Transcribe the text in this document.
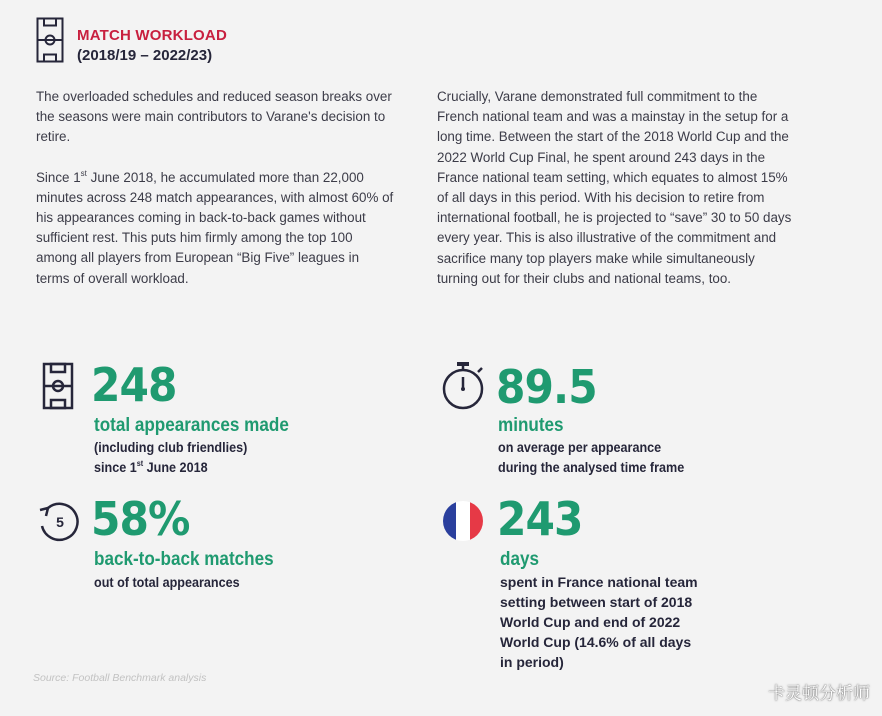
MATCH WORKLOAD
(2018/19 – 2022/23)

The overloaded schedules and reduced season breaks over the seasons were main contributors to Varane's decision to retire.

Since 1st June 2018, he accumulated more than 22,000 minutes across 248 match appearances, with almost 60% of his appearances coming in back-to-back games without sufficient rest. This puts him firmly among the top 100 among all players from European “Big Five” leagues in terms of overall workload.

Crucially, Varane demonstrated full commitment to the French national team and was a mainstay in the setup for a long time. Between the start of the 2018 World Cup and the 2022 World Cup Final, he spent around 243 days in the France national team setting, which equates to almost 15% of all days in this period. With his decision to retire from international football, he is projected to “save” 30 to 50 days every year. This is also illustrative of the commitment and sacrifice many top players make while simultaneously turning out for their clubs and national teams, too.

248
total appearances made
(including club friendlies)
since 1st June 2018
89.5
minutes
on average per appearance
during the analysed time frame
5 58%
back-to-back matches
out of total appearances
243
days
spent in France national team setting between start of 2018 World Cup and end of 2022 World Cup (14.6% of all days in period)
Source: Football Benchmark analysis
卡灵顿分析师
